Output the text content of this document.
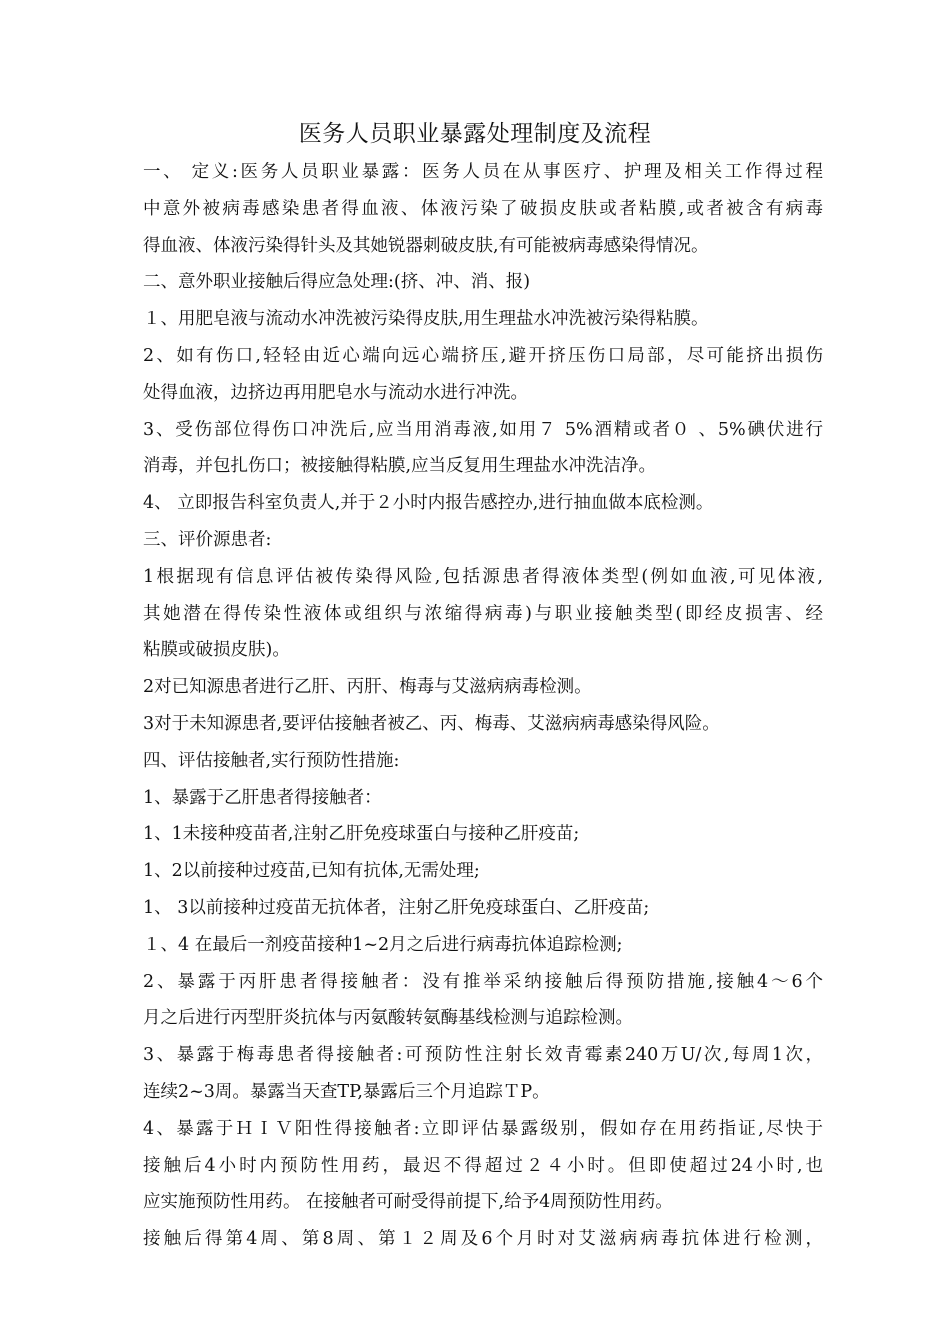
医务人员职业暴露处理制度及流程
一、 定义:医务人员职业暴露：医务人员在从事医疗、护理及相关工作得过程
中意外被病毒感染患者得血液、体液污染了破损皮肤或者粘膜,或者被含有病毒
得血液、体液污染得针头及其她锐器刺破皮肤,有可能被病毒感染得情况。
二、意外职业接触后得应急处理:(挤、冲、消、报)
１、用肥皂液与流动水冲洗被污染得皮肤,用生理盐水冲洗被污染得粘膜。
2、如有伤口,轻轻由近心端向远心端挤压,避开挤压伤口局部，尽可能挤出损伤
处得血液，边挤边再用肥皂水与流动水进行冲洗。
3、受伤部位得伤口冲洗后,应当用消毒液,如用７ 5%酒精或者０ 、5%碘伏进行
消毒，并包扎伤口；被接触得粘膜,应当反复用生理盐水冲洗洁净。
4、 立即报告科室负责人,并于２小时内报告感控办,进行抽血做本底检测。
三、评价源患者:
1根据现有信息评估被传染得风险,包括源患者得液体类型(例如血液,可见体液,
其她潜在得传染性液体或组织与浓缩得病毒)与职业接触类型(即经皮损害、经
粘膜或破损皮肤)。
2对已知源患者进行乙肝、丙肝、梅毒与艾滋病病毒检测。
3对于未知源患者,要评估接触者被乙、丙、梅毒、艾滋病病毒感染得风险。
四、评估接触者,实行预防性措施:
1、暴露于乙肝患者得接触者：
1、1未接种疫苗者,注射乙肝免疫球蛋白与接种乙肝疫苗;
1、2以前接种过疫苗,已知有抗体,无需处理;
1、 3以前接种过疫苗无抗体者，注射乙肝免疫球蛋白、乙肝疫苗;
１、4 在最后一剂疫苗接种1~2月之后进行病毒抗体追踪检测;
2、暴露于丙肝患者得接触者：没有推举采纳接触后得预防措施,接触4～6个
月之后进行丙型肝炎抗体与丙氨酸转氨酶基线检测与追踪检测。
3、暴露于梅毒患者得接触者:可预防性注射长效青霉素240万U/次,每周1次，
连续2~3周。暴露当天查TP,暴露后三个月追踪ＴP。
4、暴露于ＨＩＶ阳性得接触者:立即评估暴露级别，假如存在用药指证,尽快于
接触后4小时内预防性用药，最迟不得超过２４小时。但即使超过24小时,也
应实施预防性用药。 在接触者可耐受得前提下,给予4周预防性用药。
接触后得第4周、第8周、第１２周及6个月时对艾滋病病毒抗体进行检测，
